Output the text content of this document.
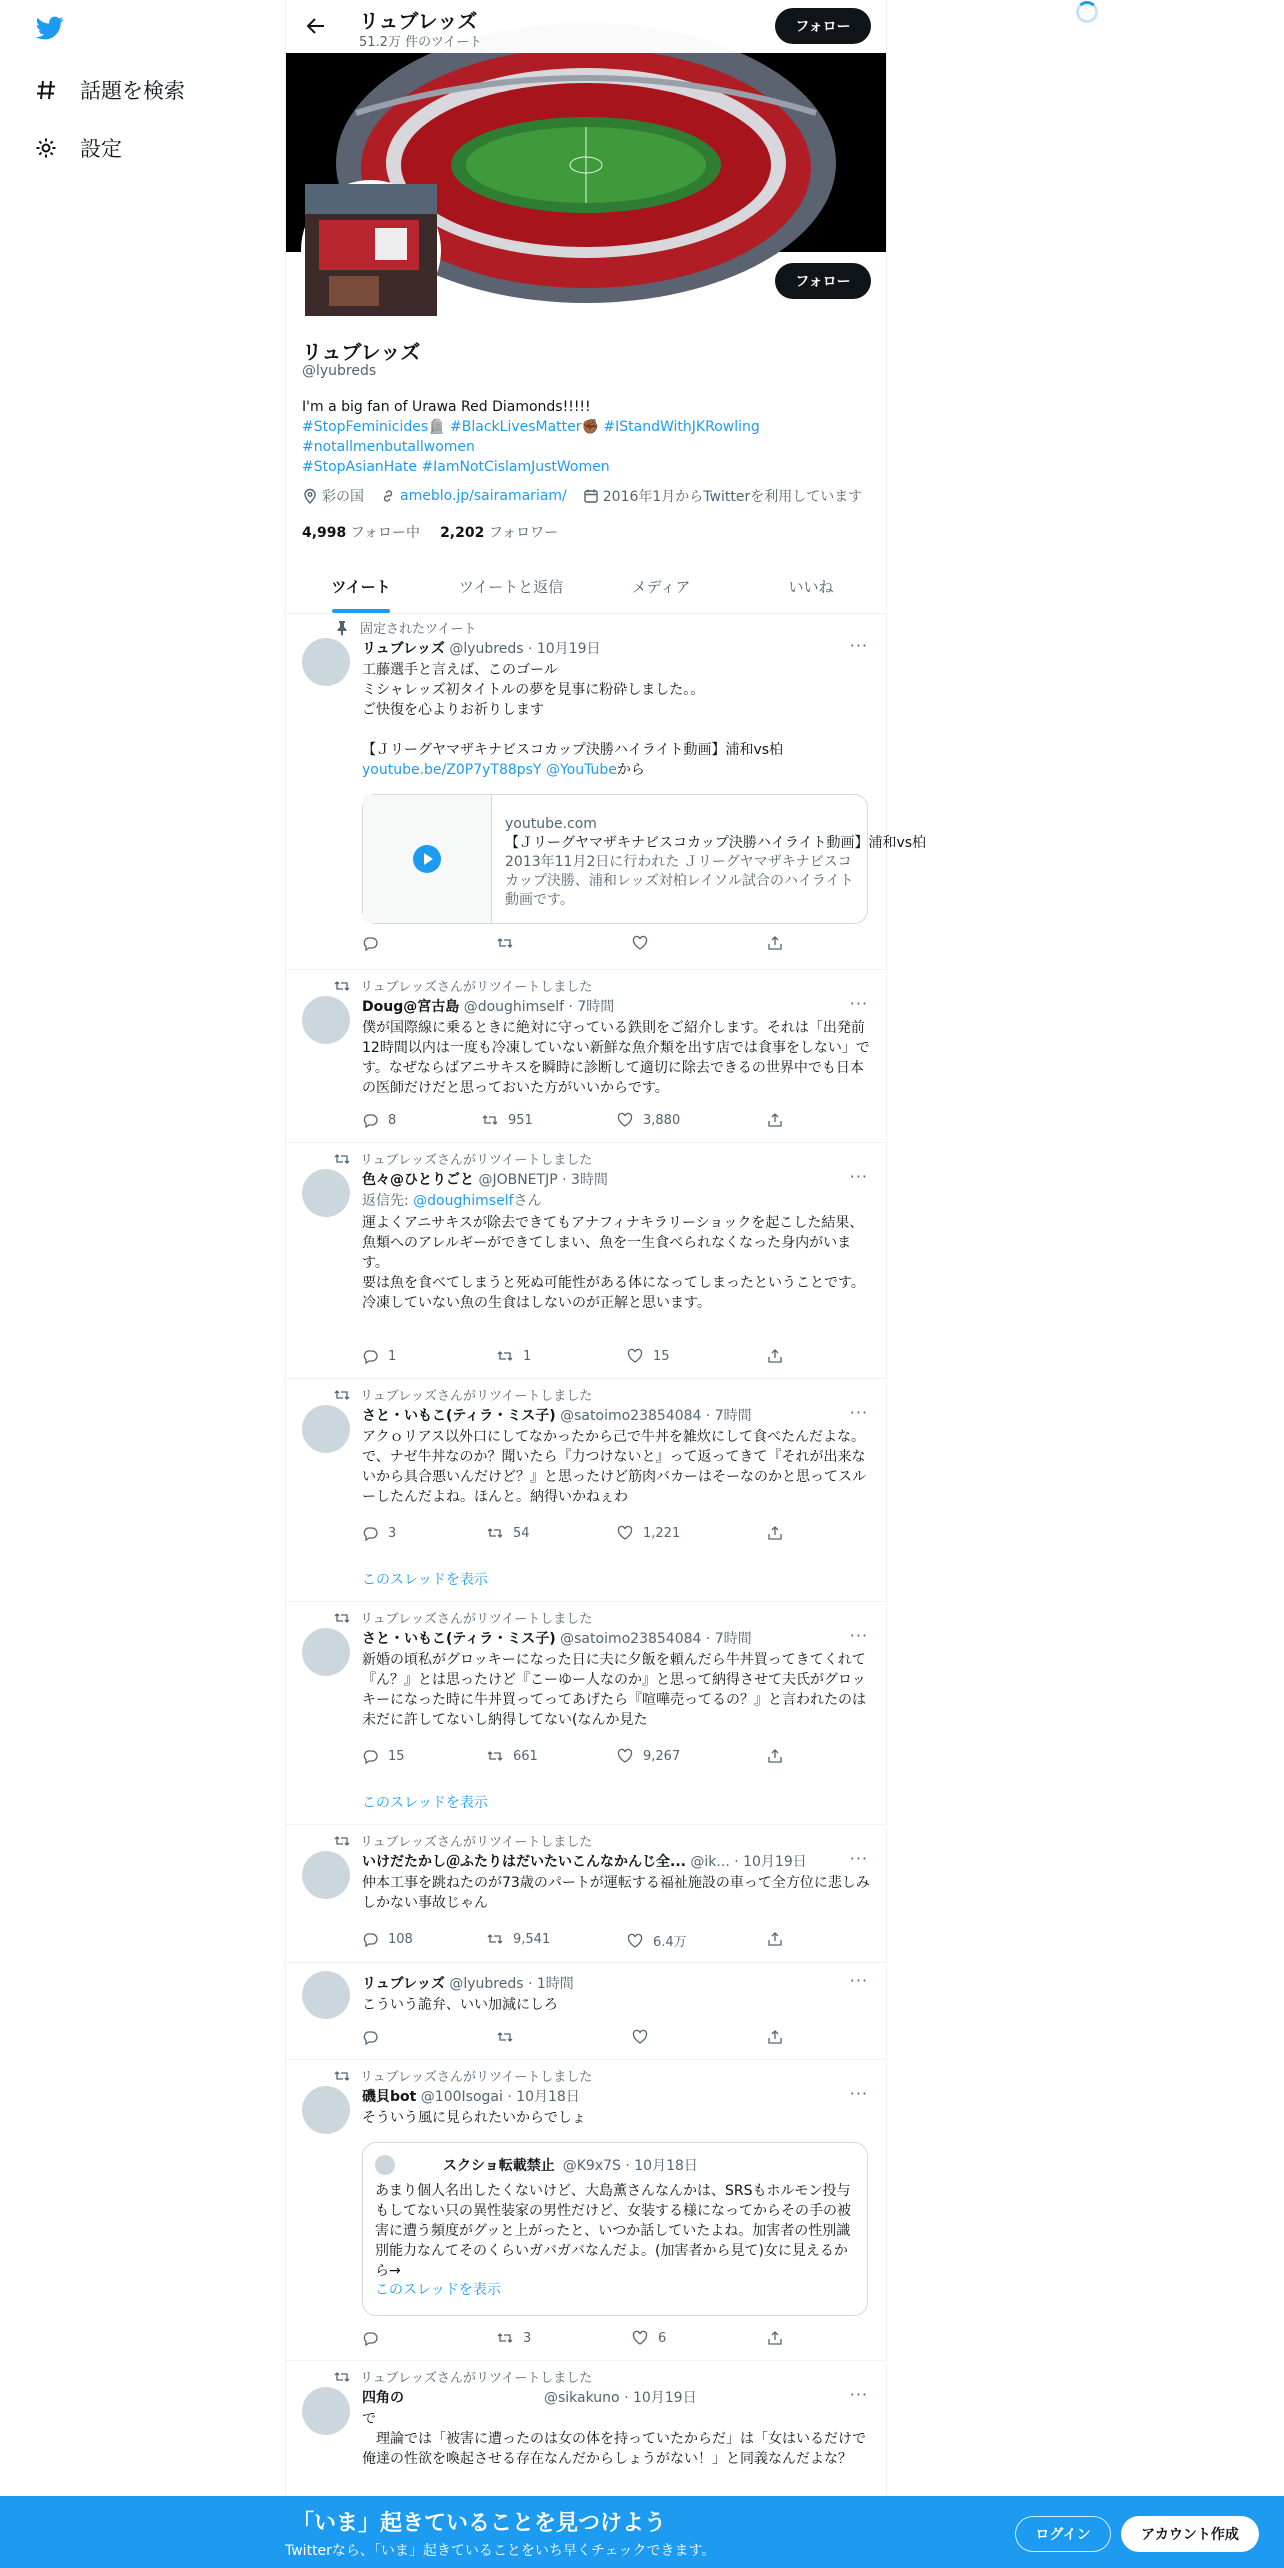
話題を検索
設定
リュブレッズ
51.2万 件のツイート
フォロー
フォロー
リュブレッズ
@lyubreds
I'm a big fan of Urawa Red Diamonds!!!!!
#StopFeminicides🪦 #BlackLivesMatter✊🏾 #IStandWithJKRowling
#notallmenbutallwomen
#StopAsianHate #IamNotCislamJustWomen
彩の国	ameblo.jp/sairamariam/	2016年1月からTwitterを利用しています
4,998 フォロー中 2,202 フォロワー
ツイート	ツイートと返信	メディア	いいね
固定されたツイート
リュブレッズ @lyubreds · 10月19日	···
工藤選手と言えば、このゴール
ミシャレッズ初タイトルの夢を見事に粉砕しました。。
ご快復を心よりお祈りします

【Ｊリーグヤマザキナビスコカップ決勝ハイライト動画】浦和vs柏
youtube.be/Z0P7yT88psY @YouTubeから
youtube.com
【Ｊリーグヤマザキナビスコカップ決勝ハイライト動画】浦和vs柏
2013年11月2日に行われた Ｊリーグヤマザキナビスコカップ決勝、浦和レッズ対柏レイソル試合のハイライト動画です。
リュブレッズさんがリツイートしました
Doug@宮古島 @doughimself · 7時間	···
僕が国際線に乗るときに絶対に守っている鉄則をご紹介します。それは「出発前12時間以内は一度も冷凍していない新鮮な魚介類を出す店では食事をしない」です。なぜならばアニサキスを瞬時に診断して適切に除去できるの世界中でも日本の医師だけだと思っておいた方がいいからです。
8	951	3,880
リュブレッズさんがリツイートしました
色々@ひとりごと @JOBNETJP · 3時間	···
返信先: @doughimselfさん
運よくアニサキスが除去できてもアナフィナキラリーショックを起こした結果、魚類へのアレルギーができてしまい、魚を一生食べられなくなった身内がいます。
要は魚を食べてしまうと死ぬ可能性がある体になってしまったということです。
冷凍していない魚の生食はしないのが正解と思います。
1	1	15
リュブレッズさんがリツイートしました
さと・いもこ(ティラ・ミス子) @satoimo23854084 · 7時間	···
アクｏリアス以外口にしてなかったから己で牛丼を雑炊にして食べたんだよな。で、ナゼ牛丼なのか？聞いたら『力つけないと』って返ってきて『それが出来ないから具合悪いんだけど？』と思ったけど筋肉バカーはそーなのかと思ってスルーしたんだよね。ほんと。納得いかねぇわ
3	54	1,221
このスレッドを表示
リュブレッズさんがリツイートしました
さと・いもこ(ティラ・ミス子) @satoimo23854084 · 7時間	···
新婚の頃私がグロッキーになった日に夫に夕飯を頼んだら牛丼買ってきてくれて『ん？』とは思ったけど『こーゆー人なのか』と思って納得させて夫氏がグロッキーになった時に牛丼買ってってあげたら『喧嘩売ってるの？』と言われたのは未だに許してないし納得してない(なんか見た
15	661	9,267
このスレッドを表示
リュブレッズさんがリツイートしました
いけだたかし＠ふたりはだいたいこんなかんじ全... @ik... · 10月19日	···
仲本工事を跳ねたのが73歳のパートが運転する福祉施設の車って全方位に悲しみしかない事故じゃん
108	9,541	6.4万
リュブレッズ @lyubreds · 1時間	···
こういう詭弁、いい加減にしろ
リュブレッズさんがリツイートしました
磯貝bot @100Isogai · 10月18日	···
そういう風に見られたいからでしょ
スクショ転載禁止 @K9x7S · 10月18日
あまり個人名出したくないけど、大島薫さんなんかは、SRSもホルモン投与もしてない只の異性装家の男性だけど、女装する様になってからその手の被害に遭う頻度がグッと上がったと、いつか話していたよね。加害者の性別識別能力なんてそのくらいガバガバなんだよ。(加害者から見て)女に見えるから→
このスレッドを表示
3	6
リュブレッズさんがリツイートしました
四角の	@sikakuno · 10月19日	···
で
　理論では「被害に遭ったのは女の体を持っていたからだ」は「女はいるだけで俺達の性欲を喚起させる存在なんだからしょうがない！」と同義なんだよな？
「いま」起きていることを見つけよう
Twitterなら、「いま」起きていることをいち早くチェックできます。
ログイン	アカウント作成
